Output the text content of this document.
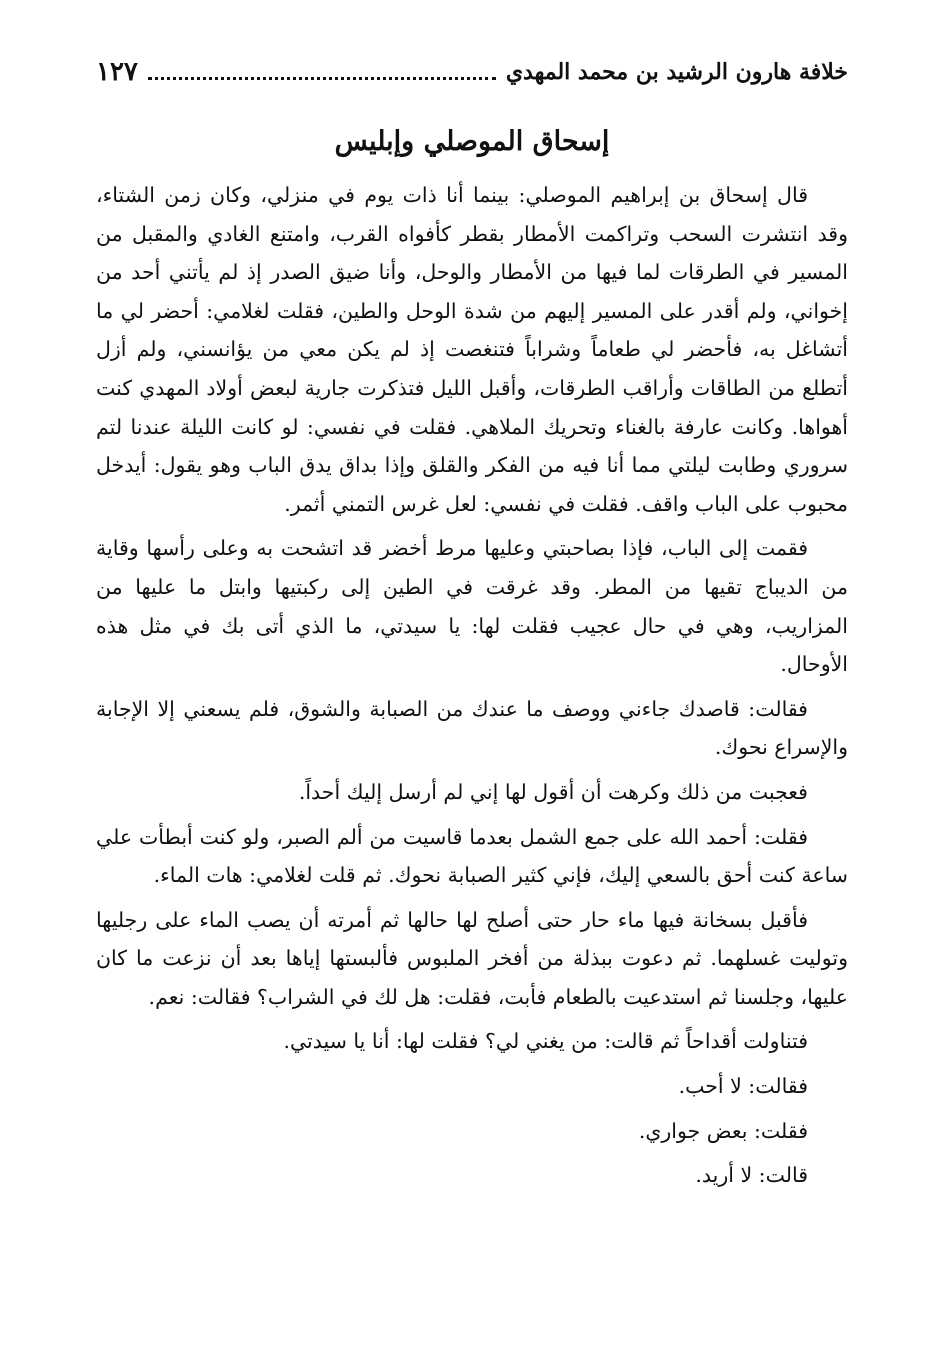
خلافة هارون الرشيد بن محمد المهدي
١٢٧
إسحاق الموصلي وإبليس

قال إسحاق بن إبراهيم الموصلي: بينما أنا ذات يوم في منزلي، وكان زمن الشتاء، وقد انتشرت السحب وتراكمت الأمطار بقطر كأفواه القرب، وامتنع الغادي والمقبل من المسير في الطرقات لما فيها من الأمطار والوحل، وأنا ضيق الصدر إذ لم يأتني أحد من إخواني، ولم أقدر على المسير إليهم من شدة الوحل والطين، فقلت لغلامي: أحضر لي ما أتشاغل به، فأحضر لي طعاماً وشراباً فتنغصت إذ لم يكن معي من يؤانسني، ولم أزل أتطلع من الطاقات وأراقب الطرقات، وأقبل الليل فتذكرت جارية لبعض أولاد المهدي كنت أهواها. وكانت عارفة بالغناء وتحريك الملاهي. فقلت في نفسي: لو كانت الليلة عندنا لتم سروري وطابت ليلتي مما أنا فيه من الفكر والقلق وإذا بداق يدق الباب وهو يقول: أيدخل محبوب على الباب واقف. فقلت في نفسي: لعل غرس التمني أثمر.

فقمت إلى الباب، فإذا بصاحبتي وعليها مرط أخضر قد اتشحت به وعلى رأسها وقاية من الديباج تقيها من المطر. وقد غرقت في الطين إلى ركبتيها وابتل ما عليها من المزاريب، وهي في حال عجيب فقلت لها: يا سيدتي، ما الذي أتى بك في مثل هذه الأوحال.

فقالت: قاصدك جاءني ووصف ما عندك من الصبابة والشوق، فلم يسعني إلا الإجابة والإسراع نحوك.

فعجبت من ذلك وكرهت أن أقول لها إني لم أرسل إليك أحداً.

فقلت: أحمد الله على جمع الشمل بعدما قاسيت من ألم الصبر، ولو كنت أبطأت علي ساعة كنت أحق بالسعي إليك، فإني كثير الصبابة نحوك. ثم قلت لغلامي: هات الماء.

فأقبل بسخانة فيها ماء حار حتى أصلح لها حالها ثم أمرته أن يصب الماء على رجليها وتوليت غسلهما. ثم دعوت ببذلة من أفخر الملبوس فألبستها إياها بعد أن نزعت ما كان عليها، وجلسنا ثم استدعيت بالطعام فأبت، فقلت: هل لك في الشراب؟ فقالت: نعم.

فتناولت أقداحاً ثم قالت: من يغني لي؟ فقلت لها: أنا يا سيدتي.

فقالت: لا أحب.

فقلت: بعض جواري.

قالت: لا أريد.
